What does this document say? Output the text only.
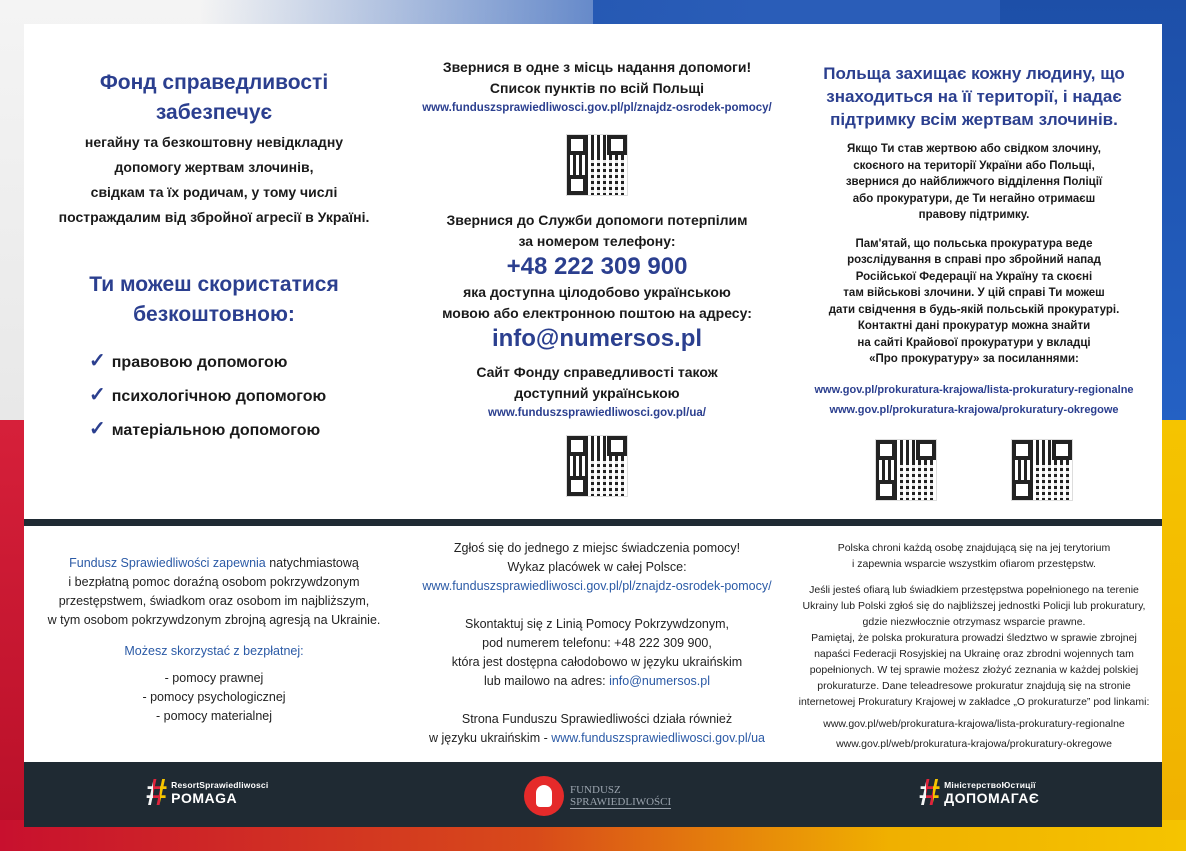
Фонд справедливості
забезпечує
негайну та безкоштовну невідкладну
допомогу жертвам злочинів,
свідкам та їх родичам, у тому числі
постраждалим від збройної агресії в Україні.
Ти можеш скористатися
безкоштовною:
✓ правовою допомогою
✓ психологічною допомогою
✓ матеріальною допомогою
Звернися в одне з місць надання допомоги!
Список пунктів по всій Польщі
www.funduszsprawiedliwosci.gov.pl/pl/znajdz-osrodek-pomocy/
Звернися до Служби допомоги потерпілим
за номером телефону:
+48 222 309 900
яка доступна цілодобово українською
мовою або електронною поштою на адресу:
info@numersos.pl
Сайт Фонду справедливості також
доступний українською
www.funduszsprawiedliwosci.gov.pl/ua/
Польща захищає кожну людину, що
знаходиться на її території, і надає
підтримку всім жертвам злочинів.
Якщо Ти став жертвою або свідком злочину,
скоєного на території України або Польщі,
звернися до найближчого відділення Поліції
або прокуратури, де Ти негайно отримаєш
правову підтримку.
Пам'ятай, що польська прокуратура веде
розслідування в справі про збройний напад
Російської Федерації на Україну та скоєні
там військові злочини. У цій справі Ти можеш
дати свідчення в будь-якій польській прокуратурі.
Контактні дані прокуратур можна знайти
на сайті Крайової прокуратури у вкладці
«Про прокуратуру» за посиланнями:
www.gov.pl/prokuratura-krajowa/lista-prokuratury-regionalne
www.gov.pl/prokuratura-krajowa/prokuratury-okregowe
Fundusz Sprawiedliwości zapewnia natychmiastową
i bezpłatną pomoc doraźną osobom pokrzywdzonym
przestępstwem, świadkom oraz osobom im najbliższym,
w tym osobom pokrzywdzonym zbrojną agresją na Ukrainie.
Możesz skorzystać z bezpłatnej:
- pomocy prawnej
- pomocy psychologicznej
- pomocy materialnej
Zgłoś się do jednego z miejsc świadczenia pomocy!
Wykaz placówek w całej Polsce:
www.funduszsprawiedliwosci.gov.pl/pl/znajdz-osrodek-pomocy/
Skontaktuj się z Linią Pomocy Pokrzywdzonym,
pod numerem telefonu: +48 222 309 900,
która jest dostępna całodobowo w języku ukraińskim
lub mailowo na adres: info@numersos.pl
Strona Funduszu Sprawiedliwości działa również
w języku ukraińskim - www.funduszsprawiedliwosci.gov.pl/ua
Polska chroni każdą osobę znajdującą się na jej terytorium
i zapewnia wsparcie wszystkim ofiarom przestępstw.
Jeśli jesteś ofiarą lub świadkiem przestępstwa popełnionego na terenie
Ukrainy lub Polski zgłoś się do najbliższej jednostki Policji lub prokuratury,
gdzie niezwłocznie otrzymasz wsparcie prawne.
Pamiętaj, że polska prokuratura prowadzi śledztwo w sprawie zbrojnej
napaści Federacji Rosyjskiej na Ukrainę oraz zbrodni wojennych tam
popełnionych. W tej sprawie możesz złożyć zeznania w każdej polskiej
prokuraturze. Dane teleadresowe prokuratur znajdują się na stronie
internetowej Prokuratury Krajowej w zakładce „O prokuraturze” pod linkami:
www.gov.pl/web/prokuratura-krajowa/lista-prokuratury-regionalne
www.gov.pl/web/prokuratura-krajowa/prokuratury-okregowe
# ResortSprawiedliwosci
POMAGA
FUNDUSZ
SPRAWIEDLIWOŚCI	# МіністерствоЮстиції
ДОПОМАГАЄ
